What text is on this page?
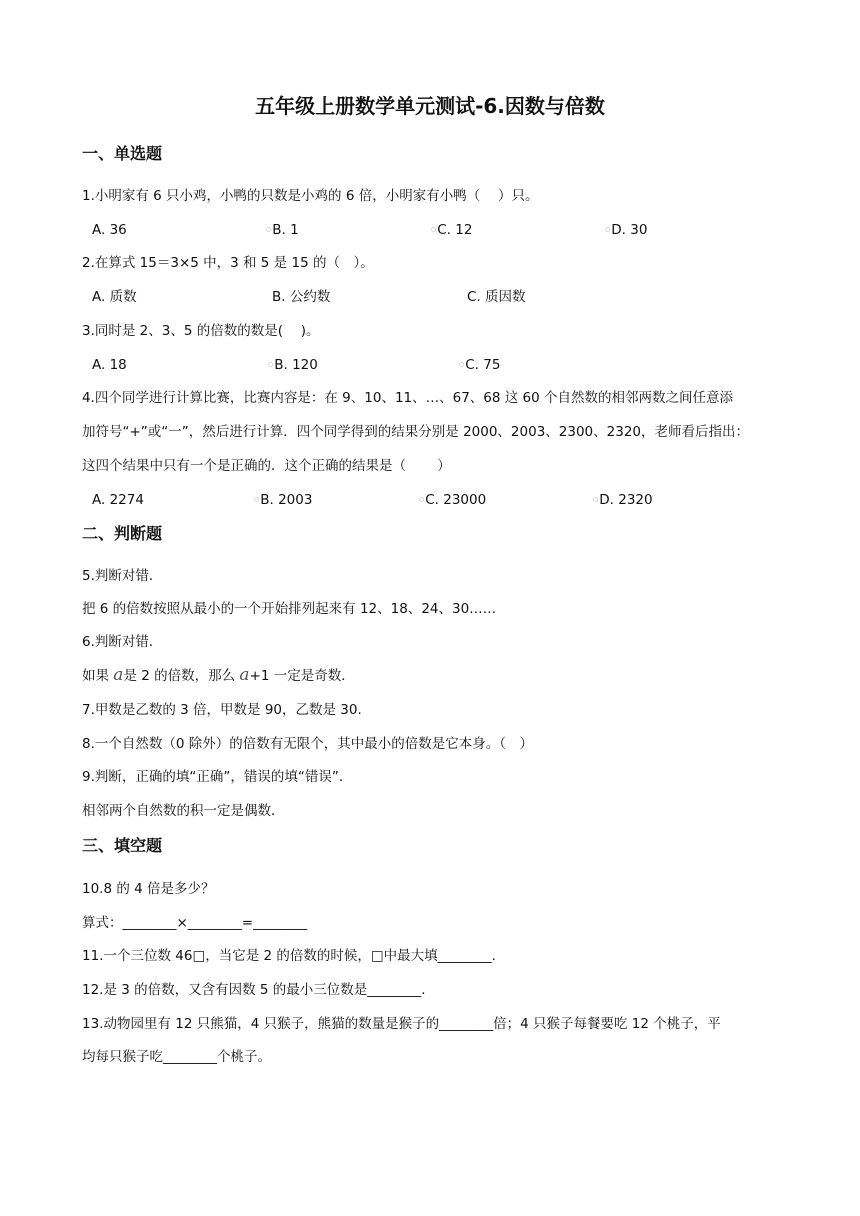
五年级上册数学单元测试-6.因数与倍数
一、单选题
1.小明家有 6 只小鸡，小鸭的只数是小鸡的 6 倍，小明家有小鸭（　 ）只。
A. 36	○B. 1	○C. 12	○D. 30
2.在算式 15＝3×5 中，3 和 5 是 15 的（　）。
A. 质数	B. 公约数	C. 质因数
3.同时是 2、3、5 的倍数的数是(　 )。
A. 18	○B. 120	○C. 75
4.四个同学进行计算比赛，比赛内容是：在 9、10、11、…、67、68 这 60 个自然数的相邻两数之间任意添
加符号“+”或“一”，然后进行计算．四个同学得到的结果分别是 2000、2003、2300、2320，老师看后指出：
这四个结果中只有一个是正确的．这个正确的结果是（　　 ）
A. 2274	○B. 2003	○C. 23000	○D. 2320
二、判断题
5.判断对错．
把 6 的倍数按照从最小的一个开始排列起来有 12、18、24、30……
6.判断对错．
如果 a是 2 的倍数，那么 a+1 一定是奇数．
7.甲数是乙数的 3 倍，甲数是 90，乙数是 30.
8.一个自然数（0 除外）的倍数有无限个，其中最小的倍数是它本身。（　）
9.判断，正确的填“正确”，错误的填“错误”．
相邻两个自然数的积一定是偶数．
三、填空题
10.8 的 4 倍是多少？
算式：________×________=________
11.一个三位数 46□，当它是 2 的倍数的时候，□中最大填________.
12.是 3 的倍数，又含有因数 5 的最小三位数是________.
13.动物园里有 12 只熊猫，4 只猴子，熊猫的数量是猴子的________倍；4 只猴子每餐要吃 12 个桃子，平
均每只猴子吃________个桃子。
